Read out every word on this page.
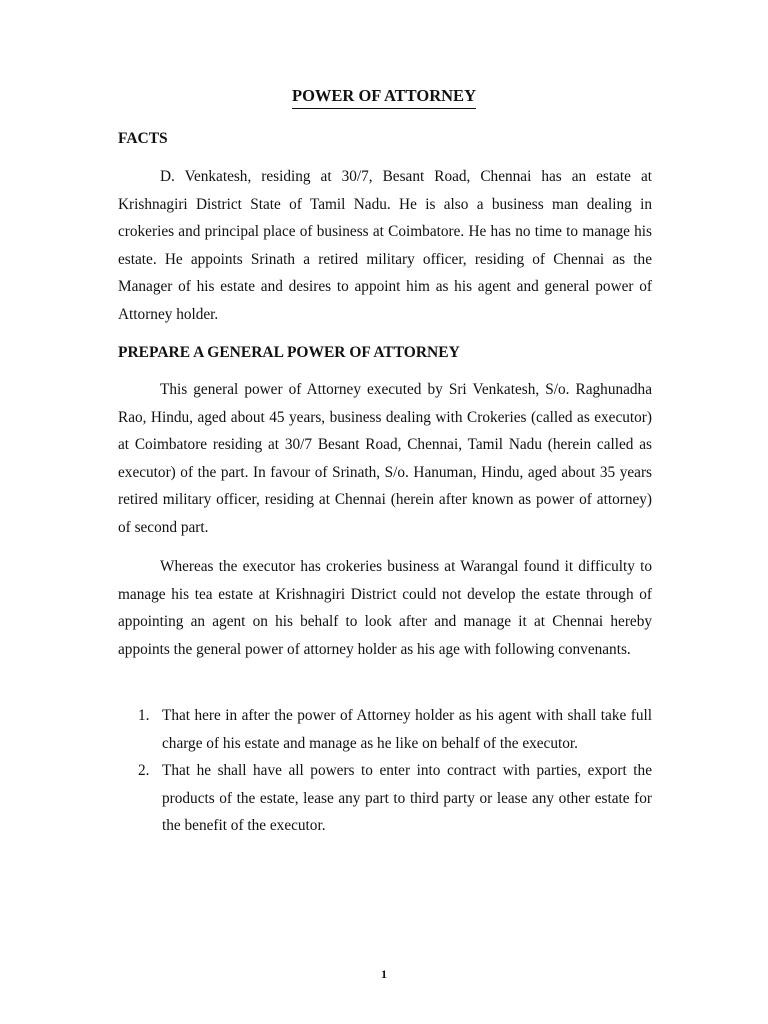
POWER OF ATTORNEY
FACTS

D. Venkatesh, residing at 30/7, Besant Road, Chennai has an estate at Krishnagiri District State of Tamil Nadu. He is also a business man dealing in crokeries and principal place of business at Coimbatore. He has no time to manage his estate. He appoints Srinath a retired military officer, residing of Chennai as the Manager of his estate and desires to appoint him as his agent and general power of Attorney holder.

PREPARE A GENERAL POWER OF ATTORNEY

This general power of Attorney executed by Sri Venkatesh, S/o. Raghunadha Rao, Hindu, aged about 45 years, business dealing with Crokeries (called as executor) at Coimbatore residing at 30/7 Besant Road, Chennai, Tamil Nadu (herein called as executor) of the part. In favour of Srinath, S/o. Hanuman, Hindu, aged about 35 years retired military officer, residing at Chennai (herein after known as power of attorney) of second part.

Whereas the executor has crokeries business at Warangal found it difficulty to manage his tea estate at Krishnagiri District could not develop the estate through of appointing an agent on his behalf to look after and manage it at Chennai hereby appoints the general power of attorney holder as his age with following convenants.

1. That here in after the power of Attorney holder as his agent with shall take full charge of his estate and manage as he like on behalf of the executor.
2. That he shall have all powers to enter into contract with parties, export the products of the estate, lease any part to third party or lease any other estate for the benefit of the executor.
1
